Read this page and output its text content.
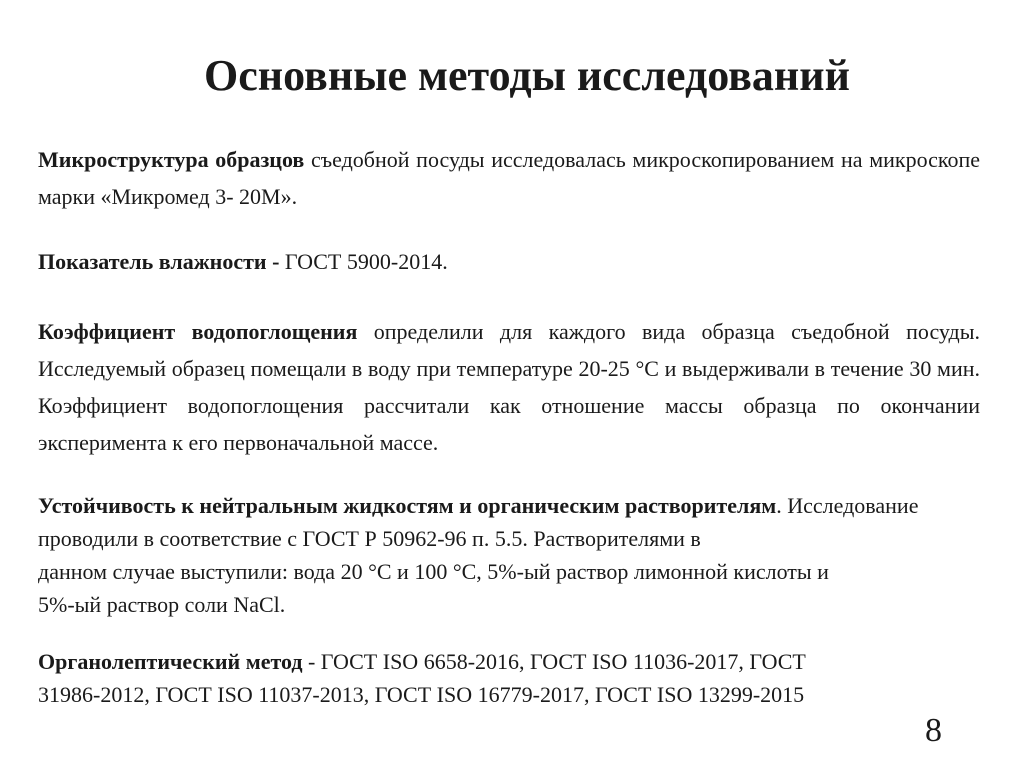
Основные методы исследований

Микроструктура образцов съедобной посуды исследовалась микроскопированием на микроскопе марки «Микромед 3- 20М».

Показатель влажности - ГОСТ 5900-2014.

Коэффициент водопоглощения определили для каждого вида образца съедобной посуды. Исследуемый образец помещали в воду при температуре 20-25 °С и выдерживали в течение 30 мин. Коэффициент водопоглощения рассчитали как отношение массы образца по окончании эксперимента к его первоначальной массе.

Устойчивость к нейтральным жидкостям и органическим растворителям. Исследование проводили в соответствие с ГОСТ Р 50962-96 п. 5.5. Растворителями в
данном случае выступили: вода 20 °С и 100 °С, 5%-ый раствор лимонной кислоты и
5%-ый раствор соли NaCl.
Органолептический метод - ГОСТ ISO 6658-2016, ГОСТ ISO 11036-2017, ГОСТ
31986-2012, ГОСТ ISO 11037-2013, ГОСТ ISO 16779-2017, ГОСТ ISO 13299-2015
8
